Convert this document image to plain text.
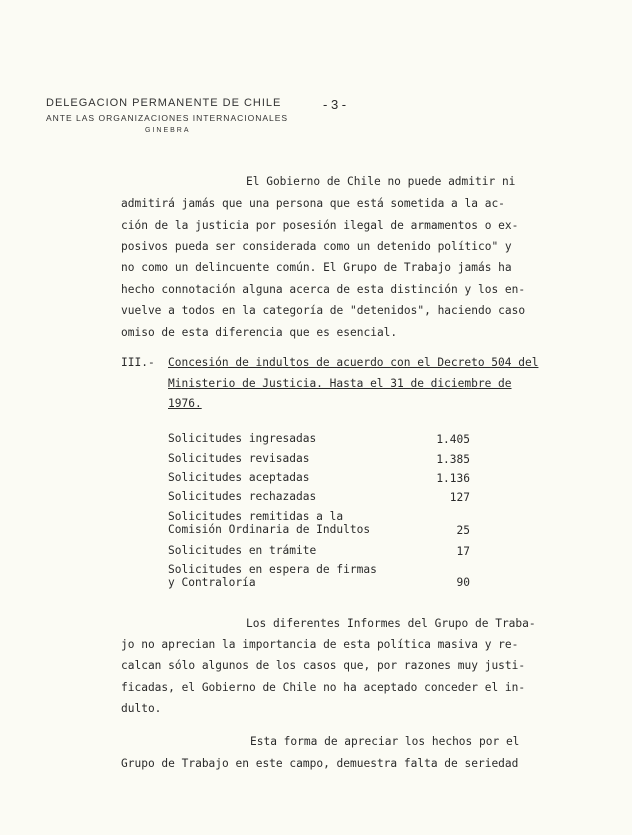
DELEGACION PERMANENTE DE CHILE
ANTE LAS ORGANIZACIONES INTERNACIONALES
GINEBRA
- 3 -
El Gobierno de Chile no puede admitir ni
admitirá jamás que una persona que está sometida a la ac-
ción de la justicia por posesión ilegal de armamentos o ex-
posivos pueda ser considerada como un detenido político" y
no como un delincuente común. El Grupo de Trabajo jamás ha
hecho connotación alguna acerca de esta distinción y los en-
vuelve a todos en la categoría de "detenidos", haciendo caso
omiso de esta diferencia que es esencial.
III.- Concesión de indultos de acuerdo con el Decreto 504 del
Ministerio de Justicia. Hasta el 31 de diciembre de
1976.
Solicitudes ingresadas	1.405
Solicitudes revisadas	1.385
Solicitudes aceptadas	1.136
Solicitudes rechazadas	127
Solicitudes remitidas a la
Comisión Ordinaria de Indultos	25
Solicitudes en trámite	17
Solicitudes en espera de firmas
y Contraloría	90
Los diferentes Informes del Grupo de Traba-
jo no aprecian la importancia de esta política masiva y re-
calcan sólo algunos de los casos que, por razones muy justi-
ficadas, el Gobierno de Chile no ha aceptado conceder el in-
dulto.
Esta forma de apreciar los hechos por el
Grupo de Trabajo en este campo, demuestra falta de seriedad
